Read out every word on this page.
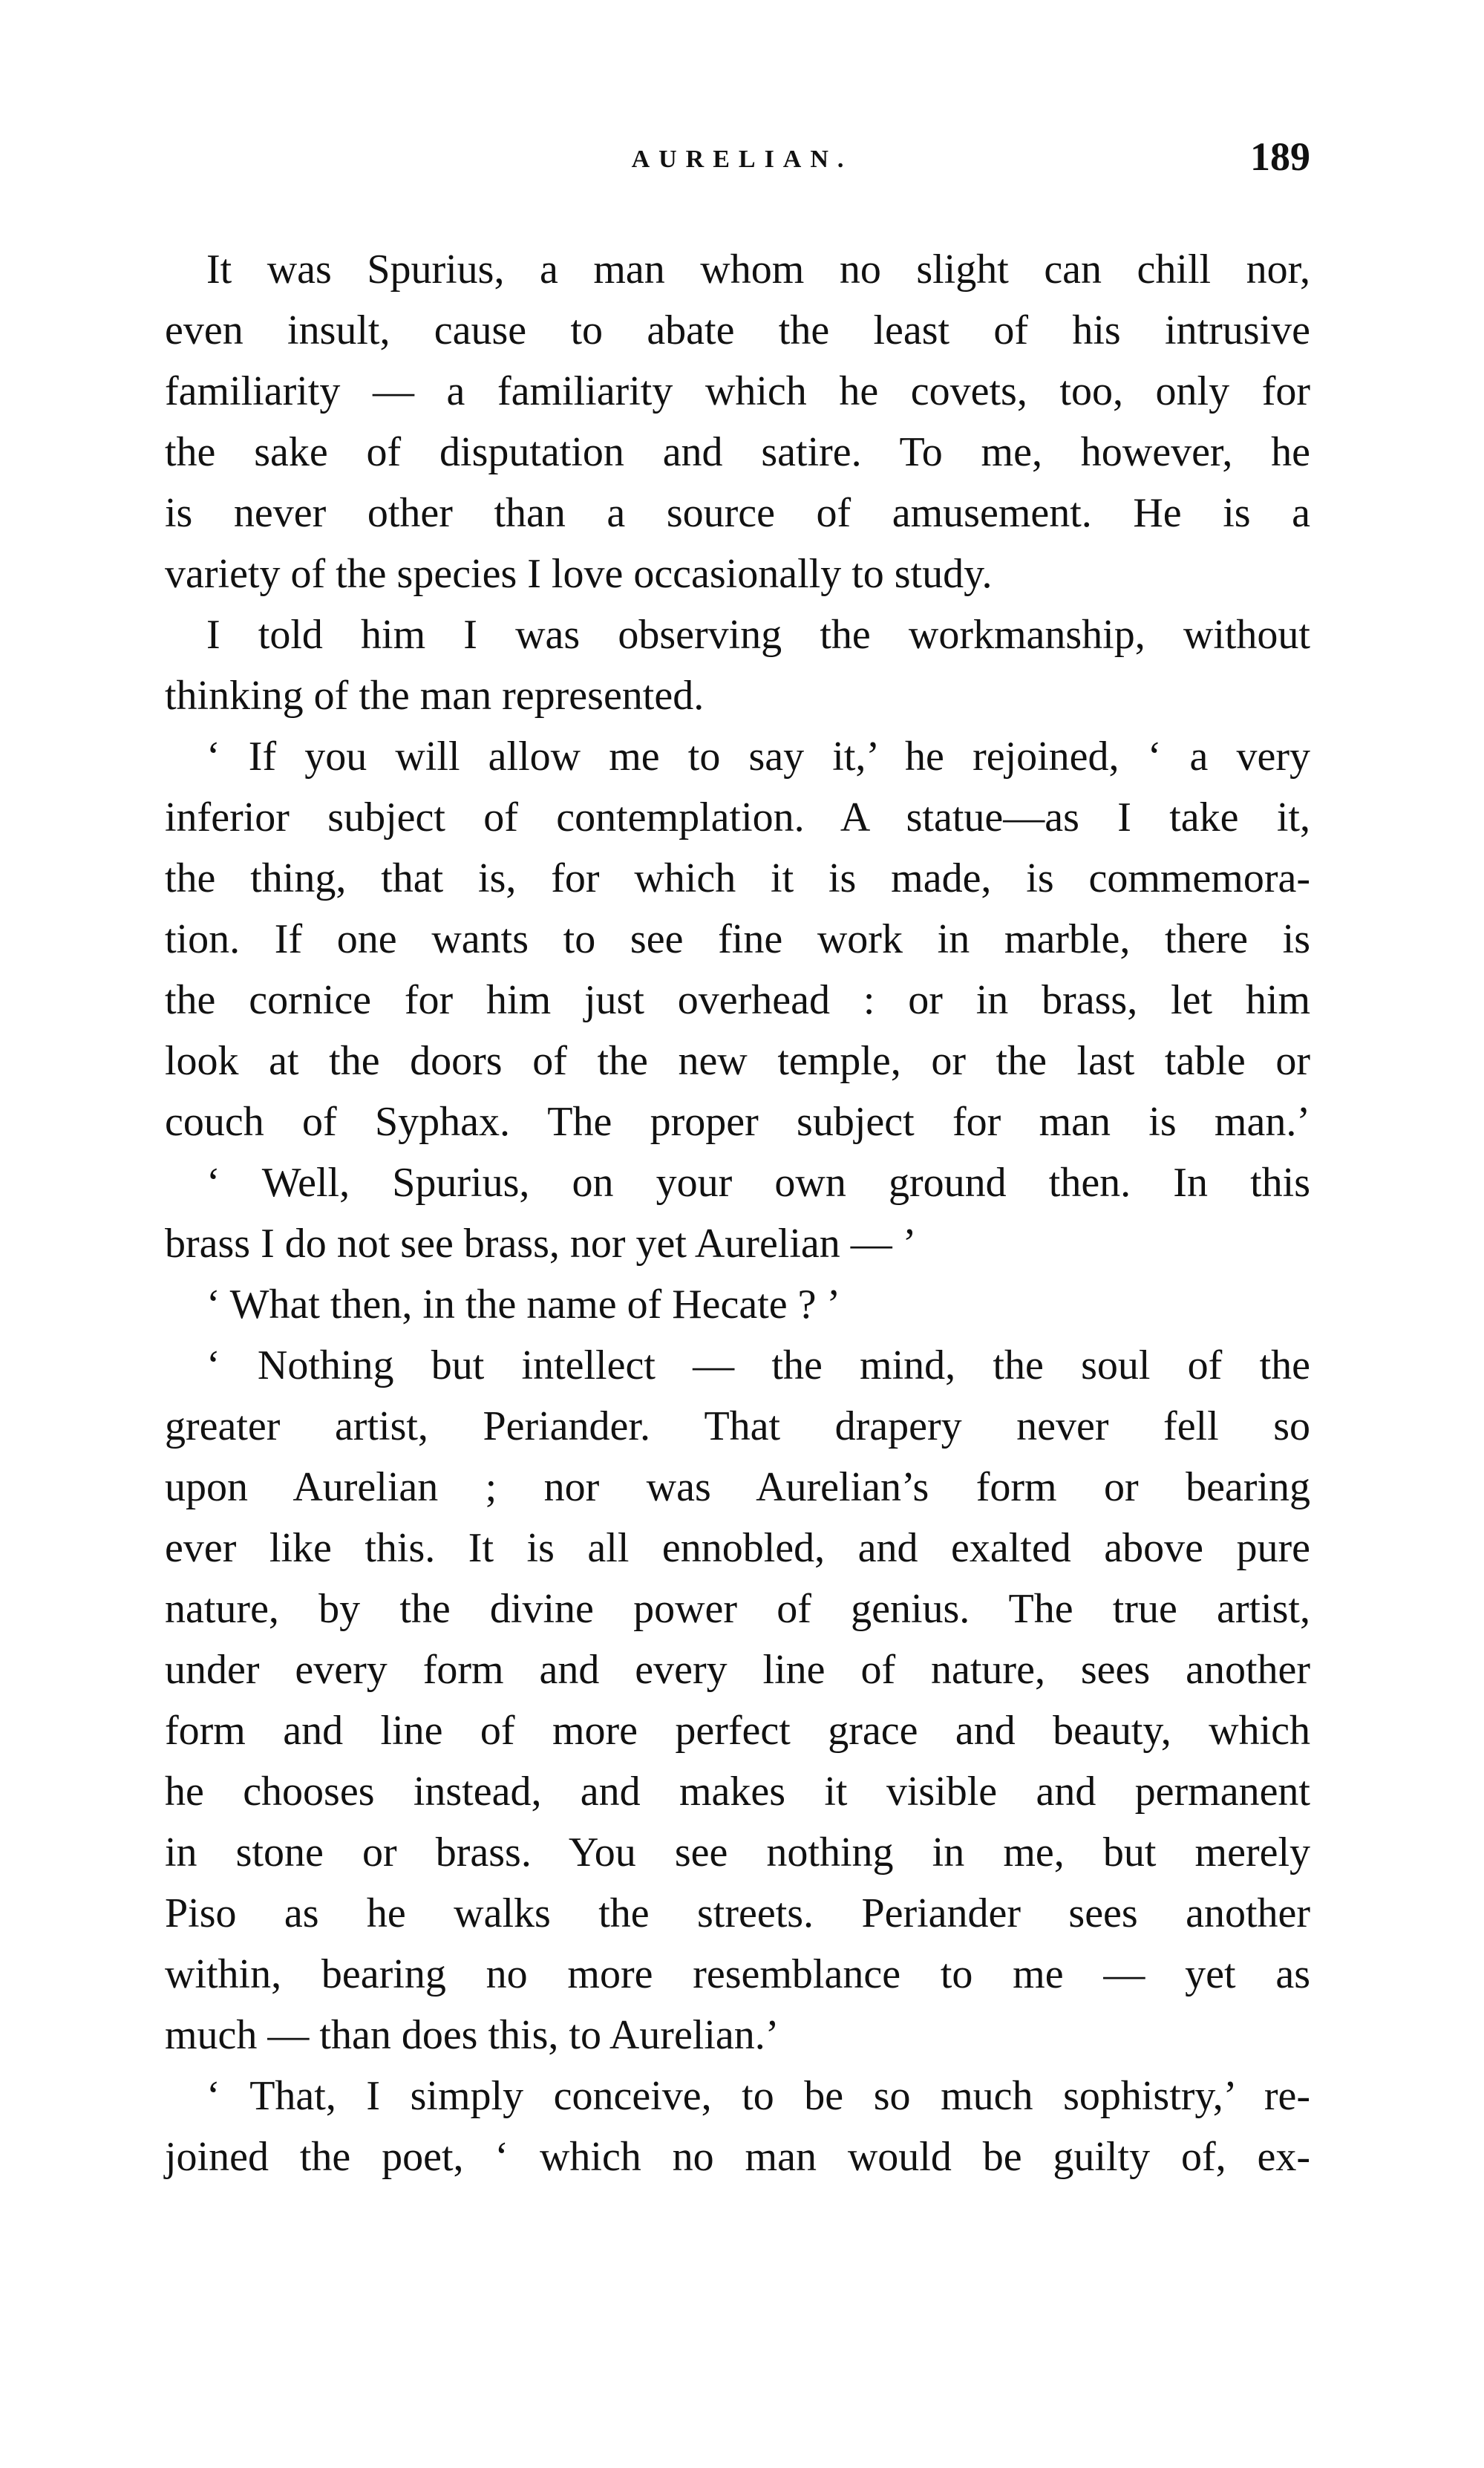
AURELIAN.	189
It was Spurius, a man whom no slight can chill nor,
even insult, cause to abate the least of his intrusive
familiarity — a familiarity which he covets, too, only for
the sake of disputation and satire. To me, however, he
is never other than a source of amusement. He is a
variety of the species I love occasionally to study.
I told him I was observing the workmanship, without
thinking of the man represented.
‘ If you will allow me to say it,’ he rejoined, ‘ a very
inferior subject of contemplation. A statue—as I take it,
the thing, that is, for which it is made, is commemora-
tion. If one wants to see fine work in marble, there is
the cornice for him just overhead : or in brass, let him
look at the doors of the new temple, or the last table or
couch of Syphax. The proper subject for man is man.’
‘ Well, Spurius, on your own ground then. In this
brass I do not see brass, nor yet Aurelian — ’
‘ What then, in the name of Hecate ? ’
‘ Nothing but intellect — the mind, the soul of the
greater artist, Periander. That drapery never fell so
upon Aurelian ; nor was Aurelian’s form or bearing
ever like this. It is all ennobled, and exalted above pure
nature, by the divine power of genius. The true artist,
under every form and every line of nature, sees another
form and line of more perfect grace and beauty, which
he chooses instead, and makes it visible and permanent
in stone or brass. You see nothing in me, but merely
Piso as he walks the streets. Periander sees another
within, bearing no more resemblance to me — yet as
much — than does this, to Aurelian.’
‘ That, I simply conceive, to be so much sophistry,’ re-
joined the poet, ‘ which no man would be guilty of, ex-
